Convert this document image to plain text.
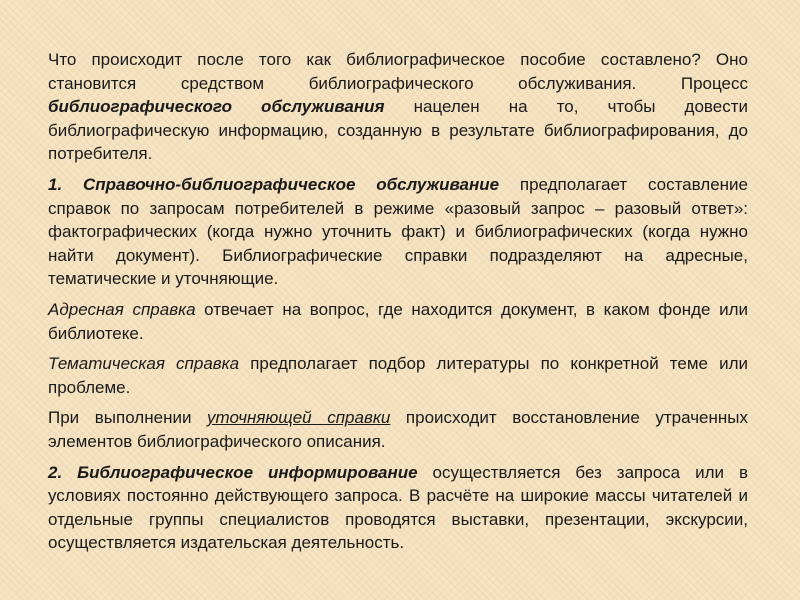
Что происходит после того как библиографическое пособие составлено? Оно становится средством библиографического обслуживания. Процесс библиографического обслуживания нацелен на то, чтобы довести библиографическую информацию, созданную в результате библиографирования, до потребителя.

1. Справочно-библиографическое обслуживание предполагает составление справок по запросам потребителей в режиме «разовый запрос – разовый ответ»: фактографических (когда нужно уточнить факт) и библиографических (когда нужно найти документ). Библиографические справки подразделяют на адресные, тематические и уточняющие.

Адресная справка отвечает на вопрос, где находится документ, в каком фонде или библиотеке.

Тематическая справка предполагает подбор литературы по конкретной теме или проблеме.

При выполнении уточняющей справки происходит восстановление утраченных элементов библиографического описания.

2. Библиографическое информирование осуществляется без запроса или в условиях постоянно действующего запроса. В расчёте на широкие массы читателей и отдельные группы специалистов проводятся выставки, презентации, экскурсии, осуществляется издательская деятельность.
